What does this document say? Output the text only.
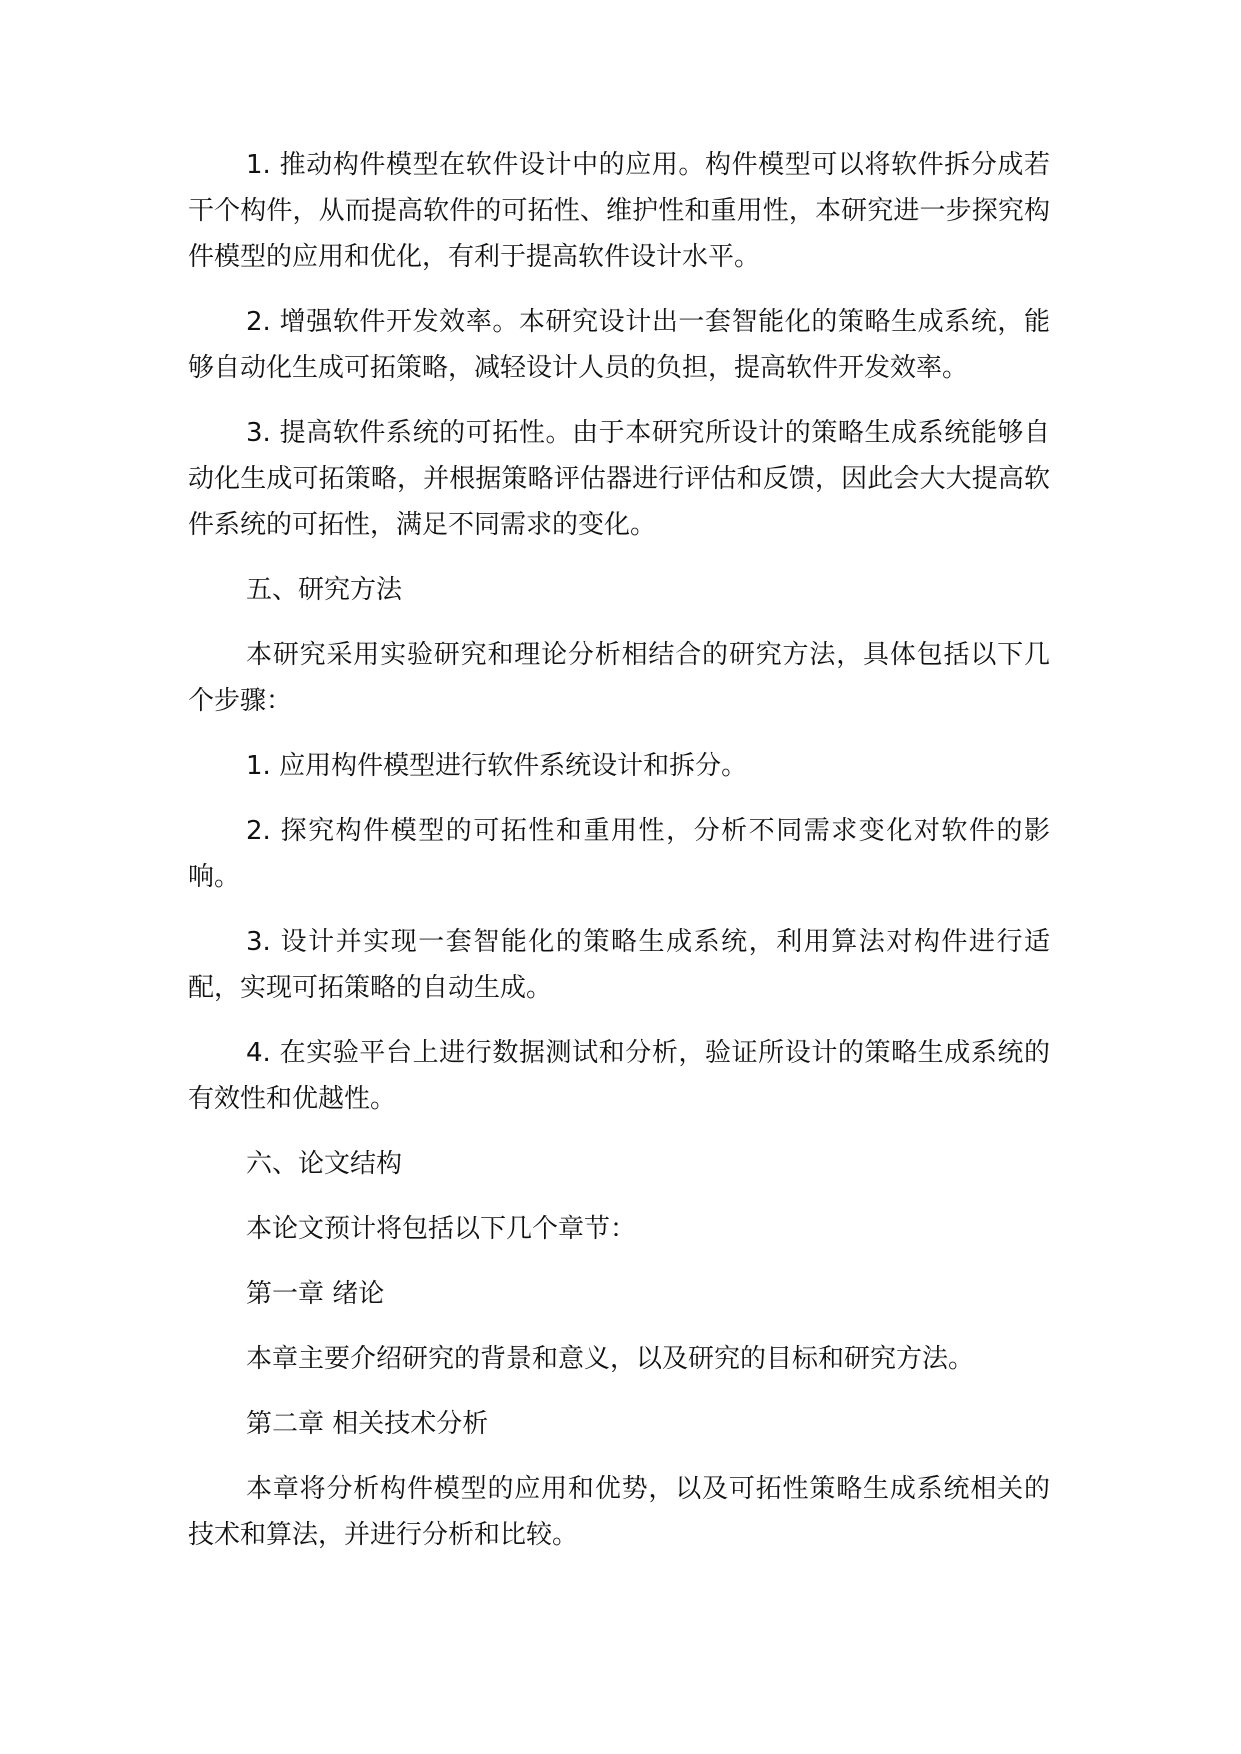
1. 推动构件模型在软件设计中的应用。构件模型可以将软件拆分成若干个构件，从而提高软件的可拓性、维护性和重用性，本研究进一步探究构件模型的应用和优化，有利于提高软件设计水平。

2. 增强软件开发效率。本研究设计出一套智能化的策略生成系统，能够自动化生成可拓策略，减轻设计人员的负担，提高软件开发效率。

3. 提高软件系统的可拓性。由于本研究所设计的策略生成系统能够自动化生成可拓策略，并根据策略评估器进行评估和反馈，因此会大大提高软件系统的可拓性，满足不同需求的变化。

五、研究方法

本研究采用实验研究和理论分析相结合的研究方法，具体包括以下几个步骤：

1. 应用构件模型进行软件系统设计和拆分。

2. 探究构件模型的可拓性和重用性，分析不同需求变化对软件的影响。

3. 设计并实现一套智能化的策略生成系统，利用算法对构件进行适配，实现可拓策略的自动生成。

4. 在实验平台上进行数据测试和分析，验证所设计的策略生成系统的有效性和优越性。

六、论文结构

本论文预计将包括以下几个章节：

第一章 绪论

本章主要介绍研究的背景和意义，以及研究的目标和研究方法。

第二章 相关技术分析

本章将分析构件模型的应用和优势，以及可拓性策略生成系统相关的技术和算法，并进行分析和比较。
